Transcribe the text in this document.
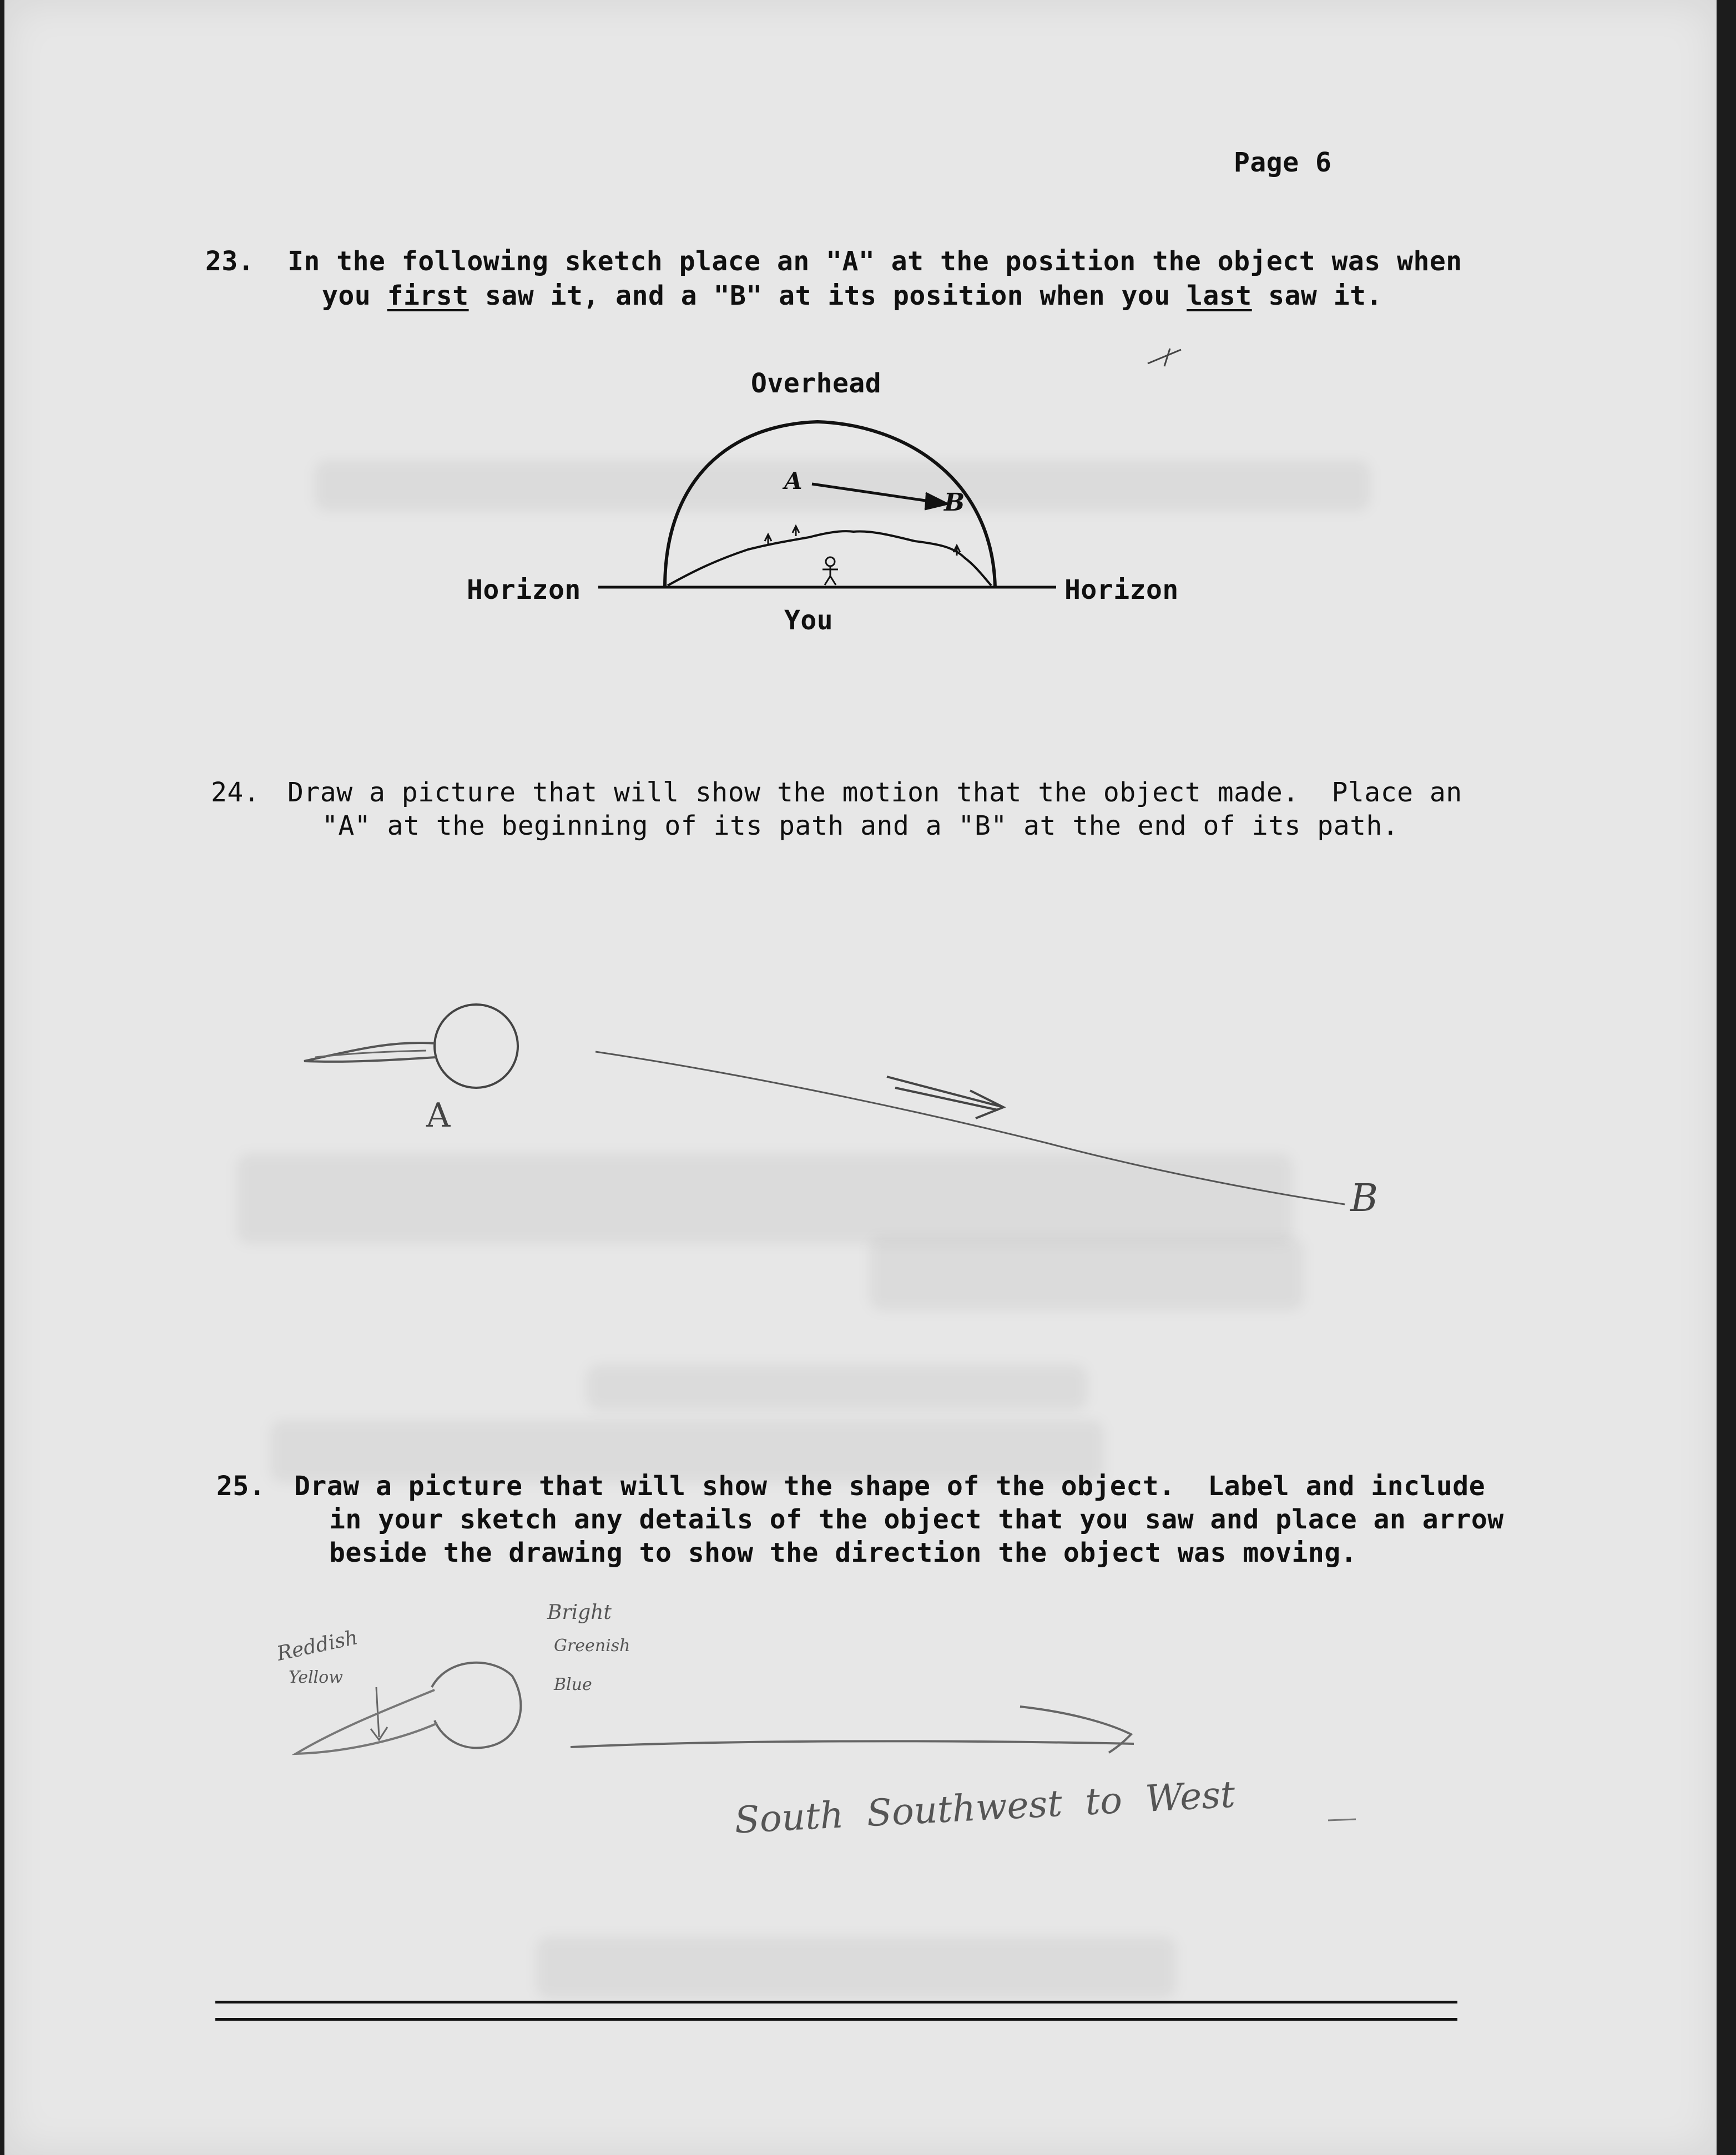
Page 6
23. In the following sketch place an "A" at the position the object was when
you first saw it, and a "B" at its position when you last saw it.
Overhead
Horizon	Horizon
You
A
B
24. Draw a picture that will show the motion that the object made.  Place an
"A" at the beginning of its path and a "B" at the end of its path.
A
B
25. Draw a picture that will show the shape of the object.  Label and include
in your sketch any details of the object that you saw and place an arrow
beside the drawing to show the direction the object was moving.
Reddish
Yellow
Bright
Greenish
Blue
South  Southwest  to  West
